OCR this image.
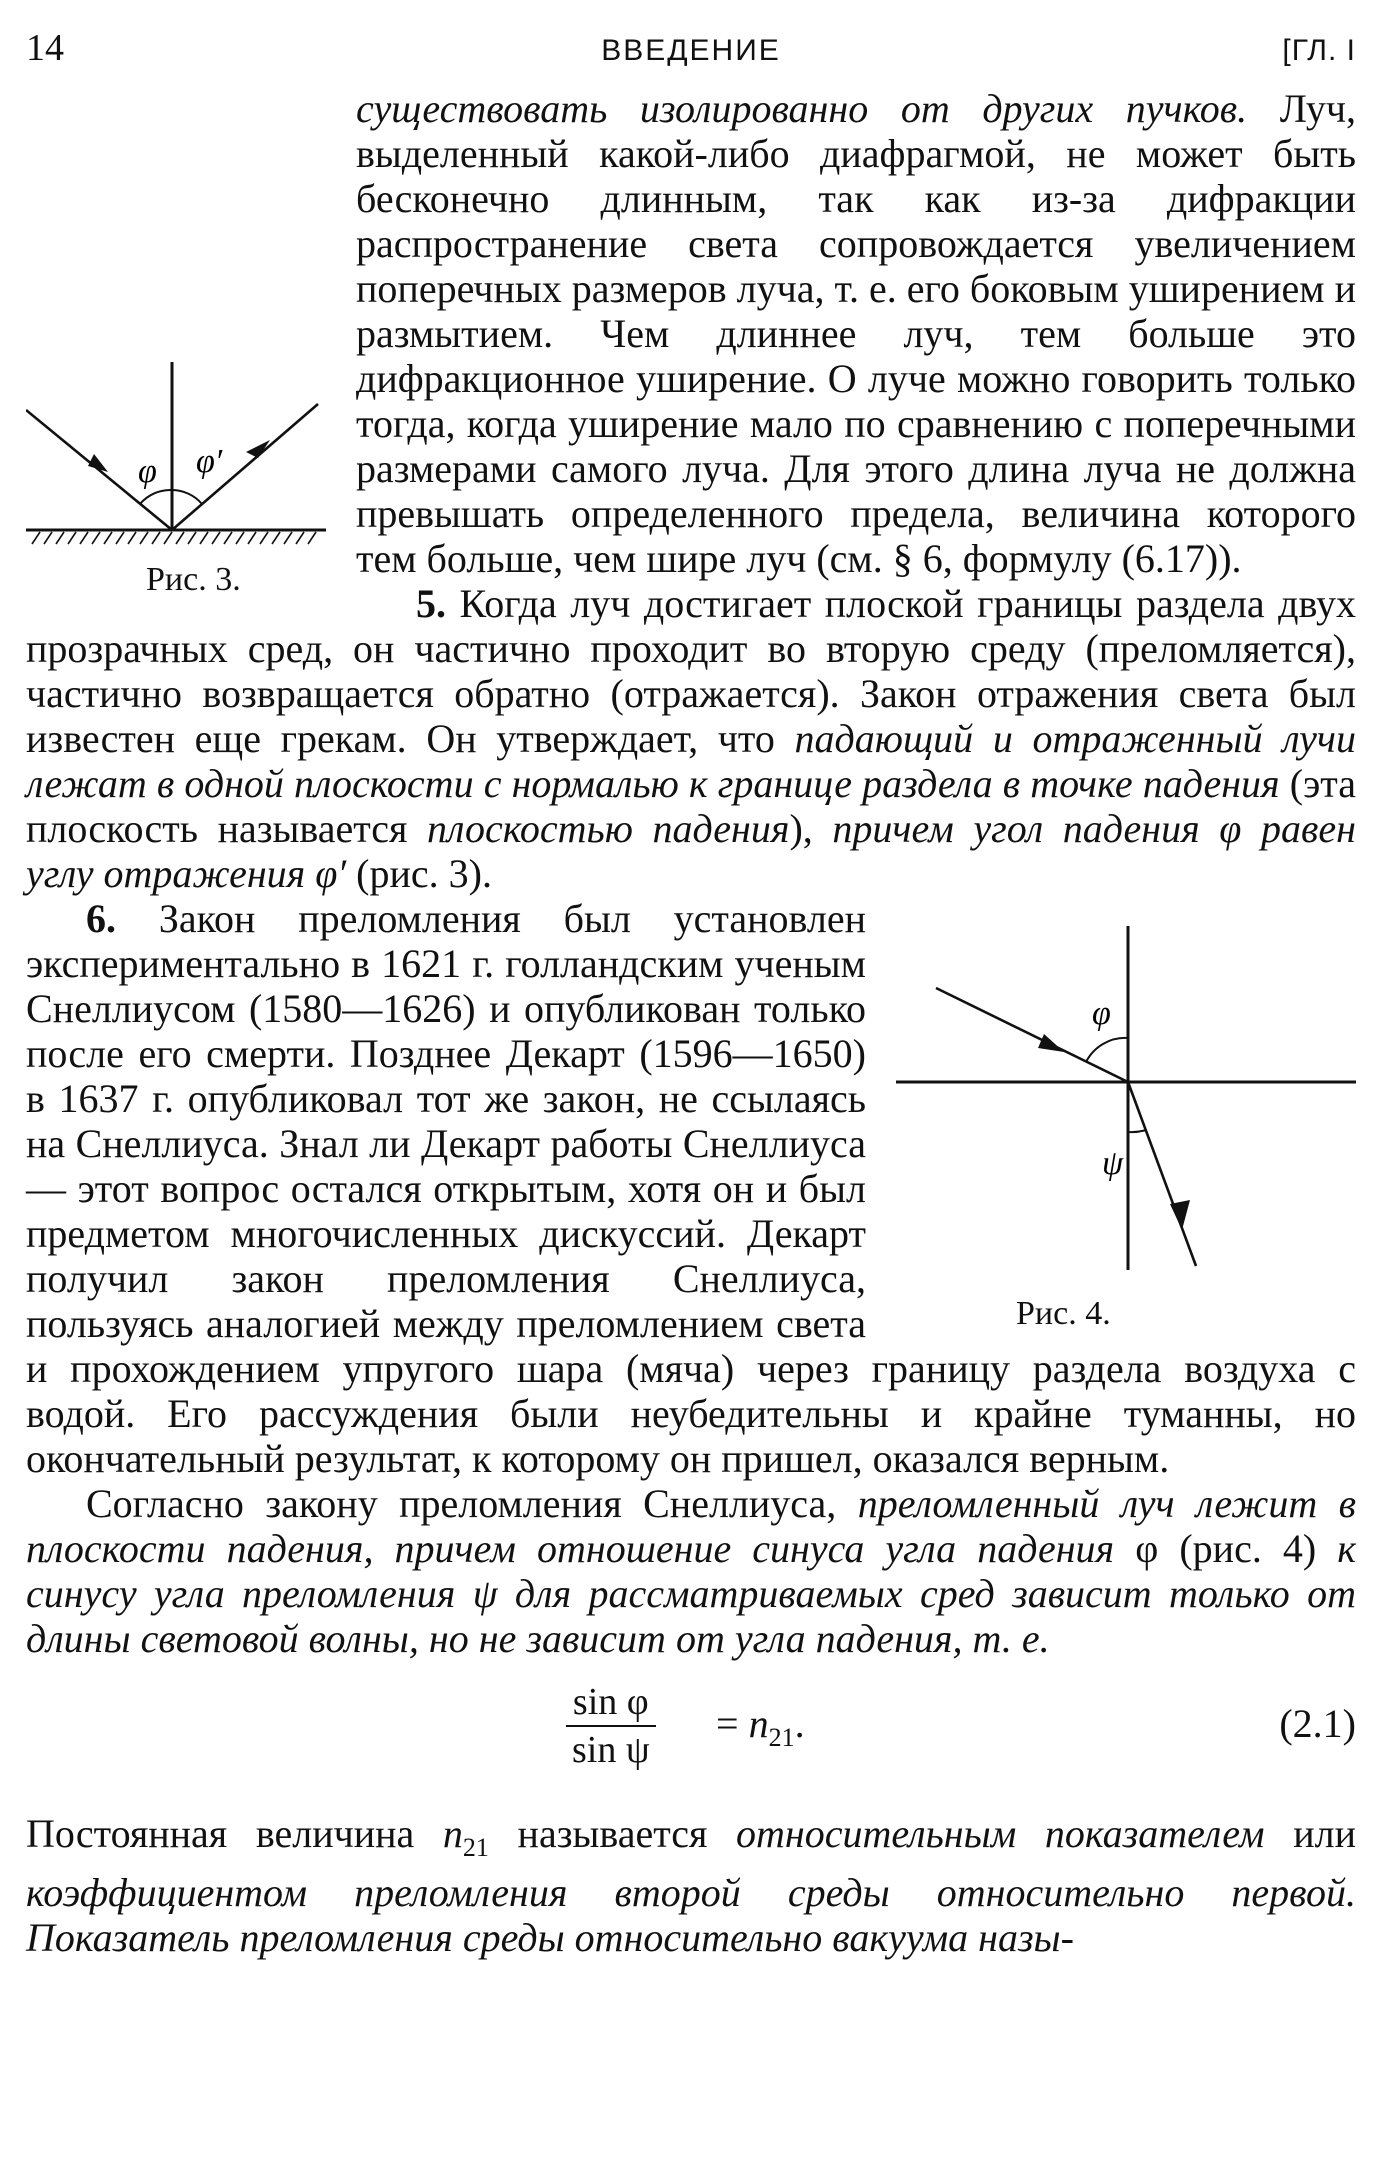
14	ВВЕДЕНИЕ	[ГЛ. I
φ φ′
Рис. 3.

существовать изолированно от других пучков. Луч, выделенный какой-либо диафрагмой, не может быть бесконечно длинным, так как из-за дифракции распространение света сопровождается увеличением поперечных размеров луча, т. е. его боковым уширением и размытием. Чем длиннее луч, тем больше это дифракционное уширение. О луче можно говорить только тогда, когда уширение мало по сравнению с поперечными размерами самого луча. Для этого длина луча не должна превышать определенного предела, величина которого тем больше, чем шире луч (см. § 6, формулу (6.17)).

5. Когда луч достигает плоской границы раздела двух прозрачных сред, он частично проходит во вторую среду (преломляется), частично возвращается обратно (отражается). Закон отражения света был известен еще грекам. Он утверждает, что падающий и отраженный лучи лежат в одной плоскости с нормалью к границе раздела в точке падения (эта плоскость называется плоскостью падения), причем угол падения φ равен углу отражения φ′ (рис. 3).

φ
ψ
Рис. 4.

6. Закон преломления был установлен экспериментально в 1621 г. голландским ученым Снеллиусом (1580—1626) и опубликован только после его смерти. Позднее Декарт (1596—1650) в 1637 г. опубликовал тот же закон, не ссылаясь на Снеллиуса. Знал ли Декарт работы Снеллиуса — этот вопрос остался открытым, хотя он и был предметом многочисленных дискуссий. Декарт получил закон преломления Снеллиуса, пользуясь аналогией между преломлением света и прохождением упругого шара (мяча) через границу раздела воздуха с водой. Его рассуждения были неубедительны и крайне туманны, но окончательный результат, к которому он пришел, оказался верным.

Согласно закону преломления Снеллиуса, преломленный луч лежит в плоскости падения, причем отношение синуса угла падения φ (рис. 4) к синусу угла преломления ψ для рассматриваемых сред зависит только от длины световой волны, но не зависит от угла падения, т. е.

$\frac{\text{sin φ}}{\text{sin ψ}} = n_{21}$.	(2.1)

Постоянная величина $n_{21}$ называется относительным показателем или коэффициентом преломления второй среды относительно первой. Показатель преломления среды относительно вакуума назы-
